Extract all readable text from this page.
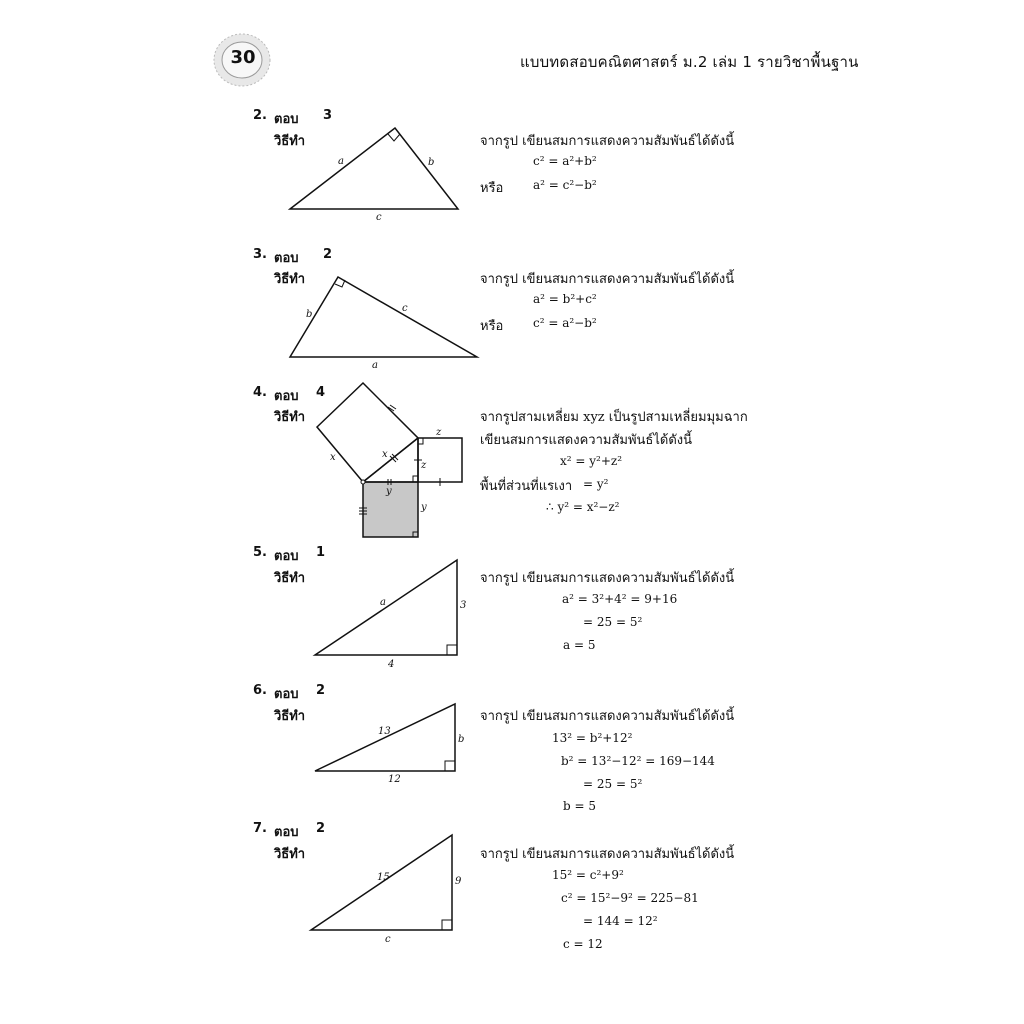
30	แบบทดสอบคณิตศาสตร์ ม.2 เล่ม 1 รายวิชาพื้นฐาน
2. ตอบ 3
วิธีทำ
a	b
c
จากรูป เขียนสมการแสดงความสัมพันธ์ได้ดังนี้
c² = a²+b²
หรือ a² = c²−b²
3. ตอบ 2
วิธีทำ
b
c
a
จากรูป เขียนสมการแสดงความสัมพันธ์ได้ดังนี้
a² = b²+c²
หรือ c² = a²−b²
4. ตอบ 4
วิธีทำ
x	x
z
z
y
y
จากรูปสามเหลี่ยม xyz เป็นรูปสามเหลี่ยมมุมฉาก
เขียนสมการแสดงความสัมพันธ์ได้ดังนี้
x² = y²+z²
พื้นที่ส่วนที่แรเงา = y²
∴ y² = x²−z²
5. ตอบ 1
วิธีทำ
a	3
4
จากรูป เขียนสมการแสดงความสัมพันธ์ได้ดังนี้
a² = 3²+4² = 9+16
= 25 = 5²
a = 5
6. ตอบ 2
วิธีทำ
13
b
12
จากรูป เขียนสมการแสดงความสัมพันธ์ได้ดังนี้
13² = b²+12²
b² = 13²−12² = 169−144
= 25 = 5²
b = 5
7. ตอบ 2
วิธีทำ
15	9
c
จากรูป เขียนสมการแสดงความสัมพันธ์ได้ดังนี้
15² = c²+9²
c² = 15²−9² = 225−81
= 144 = 12²
c = 12
